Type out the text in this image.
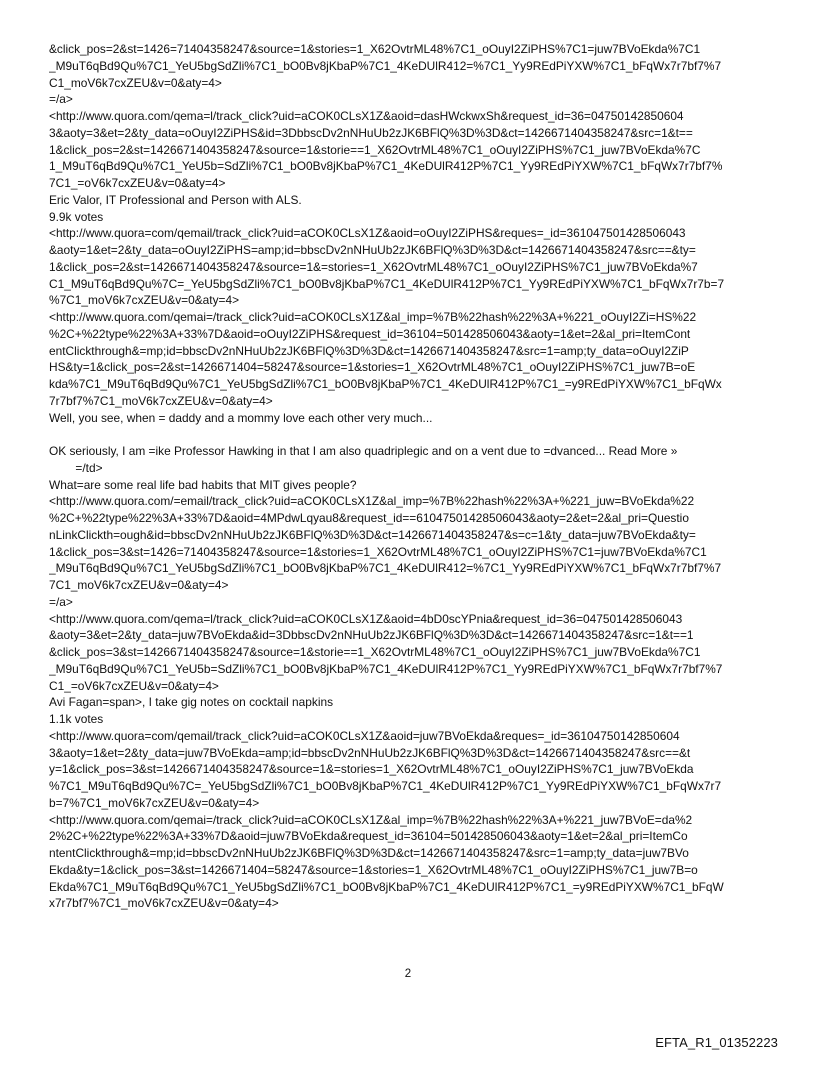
&click_pos=2&st=1426=71404358247&source=1&stories=1_X62OvtrML48%7C1_oOuyI2ZiPHS%7C1=juw7BVoEkda%7C1
_M9uT6qBd9Qu%7C1_YeU5bgSdZli%7C1_bO0Bv8jKbaP%7C1_4KeDUlR412=%7C1_Yy9REdPiYXW%7C1_bFqWx7r7bf7%7
C1_moV6k7cxZEU&v=0&aty=4>
=/a>
<http://www.quora.com/qema=l/track_click?uid=aCOK0CLsX1Z&aoid=dasHWckwxSh&request_id=36=04750142850604
3&aoty=3&et=2&ty_data=oOuyI2ZiPHS&id=3DbbscDv2nNHuUb2zJK6BFlQ%3D%3D&ct=1426671404358247&src=1&t==
1&click_pos=2&st=1426671404358247&source=1&storie==1_X62OvtrML48%7C1_oOuyI2ZiPHS%7C1_juw7BVoEkda%7C
1_M9uT6qBd9Qu%7C1_YeU5b=SdZli%7C1_bO0Bv8jKbaP%7C1_4KeDUlR412P%7C1_Yy9REdPiYXW%7C1_bFqWx7r7bf7%
7C1_=oV6k7cxZEU&v=0&aty=4>
Eric Valor, IT Professional and Person with ALS.
9.9k votes
<http://www.quora=com/qemail/track_click?uid=aCOK0CLsX1Z&aoid=oOuyI2ZiPHS&reques=_id=361047501428506043
&aoty=1&et=2&ty_data=oOuyI2ZiPHS=amp;id=bbscDv2nNHuUb2zJK6BFlQ%3D%3D&ct=1426671404358247&src==&ty=
1&click_pos=2&st=1426671404358247&source=1&=stories=1_X62OvtrML48%7C1_oOuyI2ZiPHS%7C1_juw7BVoEkda%7
C1_M9uT6qBd9Qu%7C=_YeU5bgSdZli%7C1_bO0Bv8jKbaP%7C1_4KeDUlR412P%7C1_Yy9REdPiYXW%7C1_bFqWx7r7b=7
%7C1_moV6k7cxZEU&v=0&aty=4>
<http://www.quora.com/qemai=/track_click?uid=aCOK0CLsX1Z&al_imp=%7B%22hash%22%3A+%221_oOuyI2Zi=HS%22
%2C+%22type%22%3A+33%7D&aoid=oOuyI2ZiPHS&request_id=36104=501428506043&aoty=1&et=2&al_pri=ItemCont
entClickthrough&=mp;id=bbscDv2nNHuUb2zJK6BFlQ%3D%3D&ct=1426671404358247&src=1=amp;ty_data=oOuyI2ZiP
HS&ty=1&click_pos=2&st=1426671404=58247&source=1&stories=1_X62OvtrML48%7C1_oOuyI2ZiPHS%7C1_juw7B=oE
kda%7C1_M9uT6qBd9Qu%7C1_YeU5bgSdZli%7C1_bO0Bv8jKbaP%7C1_4KeDUlR412P%7C1_=y9REdPiYXW%7C1_bFqWx
7r7bf7%7C1_moV6k7cxZEU&v=0&aty=4>
Well, you see, when = daddy and a mommy love each other very much...
OK seriously, I am =ike Professor Hawking in that I am also quadriplegic and on a vent due to =dvanced... Read More »
=/td>
What=are some real life bad habits that MIT gives people?
<http://www.quora.com/=email/track_click?uid=aCOK0CLsX1Z&al_imp=%7B%22hash%22%3A+%221_juw=BVoEkda%22
%2C+%22type%22%3A+33%7D&aoid=4MPdwLqyau8&request_id==61047501428506043&aoty=2&et=2&al_pri=Questio
nLinkClickth=ough&id=bbscDv2nNHuUb2zJK6BFlQ%3D%3D&ct=1426671404358247&s=c=1&ty_data=juw7BVoEkda&ty=
1&click_pos=3&st=1426=71404358247&source=1&stories=1_X62OvtrML48%7C1_oOuyI2ZiPHS%7C1=juw7BVoEkda%7C1
_M9uT6qBd9Qu%7C1_YeU5bgSdZli%7C1_bO0Bv8jKbaP%7C1_4KeDUlR412=%7C1_Yy9REdPiYXW%7C1_bFqWx7r7bf7%7
7C1_moV6k7cxZEU&v=0&aty=4>
=/a>
<http://www.quora.com/qema=l/track_click?uid=aCOK0CLsX1Z&aoid=4bD0scYPnia&request_id=36=047501428506043
&aoty=3&et=2&ty_data=juw7BVoEkda&id=3DbbscDv2nNHuUb2zJK6BFlQ%3D%3D&ct=1426671404358247&src=1&t==1
&click_pos=3&st=1426671404358247&source=1&storie==1_X62OvtrML48%7C1_oOuyI2ZiPHS%7C1_juw7BVoEkda%7C1
_M9uT6qBd9Qu%7C1_YeU5b=SdZli%7C1_bO0Bv8jKbaP%7C1_4KeDUlR412P%7C1_Yy9REdPiYXW%7C1_bFqWx7r7bf7%7
C1_=oV6k7cxZEU&v=0&aty=4>
Avi Fagan=span>, I take gig notes on cocktail napkins
1.1k votes
<http://www.quora=com/qemail/track_click?uid=aCOK0CLsX1Z&aoid=juw7BVoEkda&reques=_id=36104750142850604
3&aoty=1&et=2&ty_data=juw7BVoEkda=amp;id=bbscDv2nNHuUb2zJK6BFlQ%3D%3D&ct=1426671404358247&src==&t
y=1&click_pos=3&st=1426671404358247&source=1&=stories=1_X62OvtrML48%7C1_oOuyI2ZiPHS%7C1_juw7BVoEkda
%7C1_M9uT6qBd9Qu%7C=_YeU5bgSdZli%7C1_bO0Bv8jKbaP%7C1_4KeDUlR412P%7C1_Yy9REdPiYXW%7C1_bFqWx7r7
b=7%7C1_moV6k7cxZEU&v=0&aty=4>
<http://www.quora.com/qemai=/track_click?uid=aCOK0CLsX1Z&al_imp=%7B%22hash%22%3A+%221_juw7BVoE=da%2
2%2C+%22type%22%3A+33%7D&aoid=juw7BVoEkda&request_id=36104=501428506043&aoty=1&et=2&al_pri=ItemCo
ntentClickthrough&=mp;id=bbscDv2nNHuUb2zJK6BFlQ%3D%3D&ct=1426671404358247&src=1=amp;ty_data=juw7BVo
Ekda&ty=1&click_pos=3&st=1426671404=58247&source=1&stories=1_X62OvtrML48%7C1_oOuyI2ZiPHS%7C1_juw7B=o
Ekda%7C1_M9uT6qBd9Qu%7C1_YeU5bgSdZli%7C1_bO0Bv8jKbaP%7C1_4KeDUlR412P%7C1_=y9REdPiYXW%7C1_bFqW
x7r7bf7%7C1_moV6k7cxZEU&v=0&aty=4>
2
EFTA_R1_01352223
